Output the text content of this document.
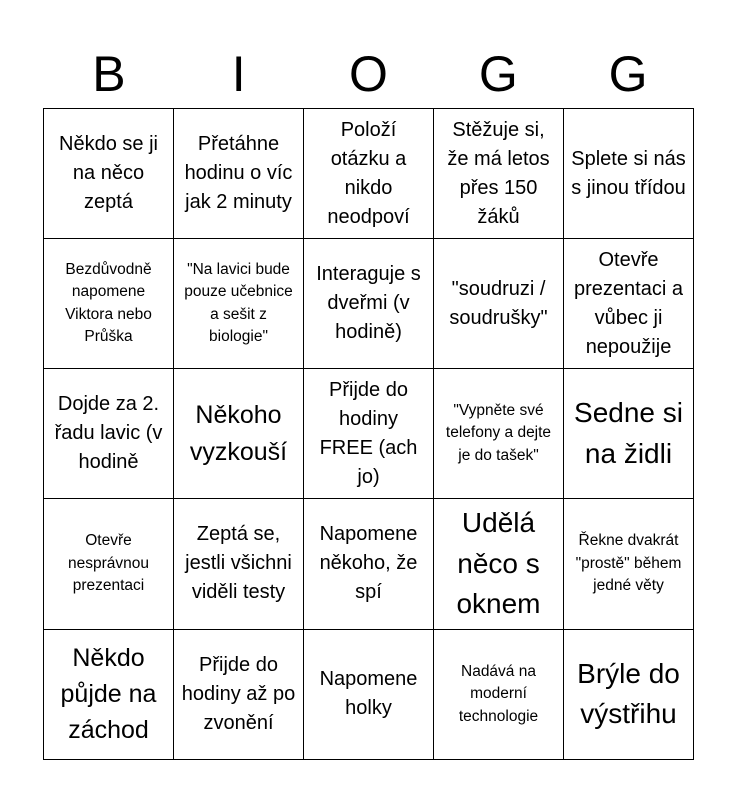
B	I	O	G	G
Někdo se ji na něco zeptá	Přetáhne hodinu o víc jak 2 minuty	Položí otázku a nikdo neodpoví	Stěžuje si, že má letos přes 150 žáků	Splete si nás s jinou třídou
Bezdůvodně napomene Viktora nebo Průška	"Na lavici bude pouze učebnice a sešit z biologie"	Interaguje s dveřmi (v hodině)	"soudruzi / soudrušky"	Otevře prezentaci a vůbec ji nepoužije
Dojde za 2. řadu lavic (v hodině	Někoho vyzkouší	Přijde do hodiny FREE (ach jo)	"Vypněte své telefony a dejte je do tašek"	Sedne si na židli
Otevře nesprávnou prezentaci	Zeptá se, jestli všichni viděli testy	Napomene někoho, že spí	Udělá něco s oknem	Řekne dvakrát "prostě" během jedné věty
Někdo půjde na záchod	Přijde do hodiny až po zvonění	Napomene holky	Nadává na moderní technologie	Brýle do výstřihu
